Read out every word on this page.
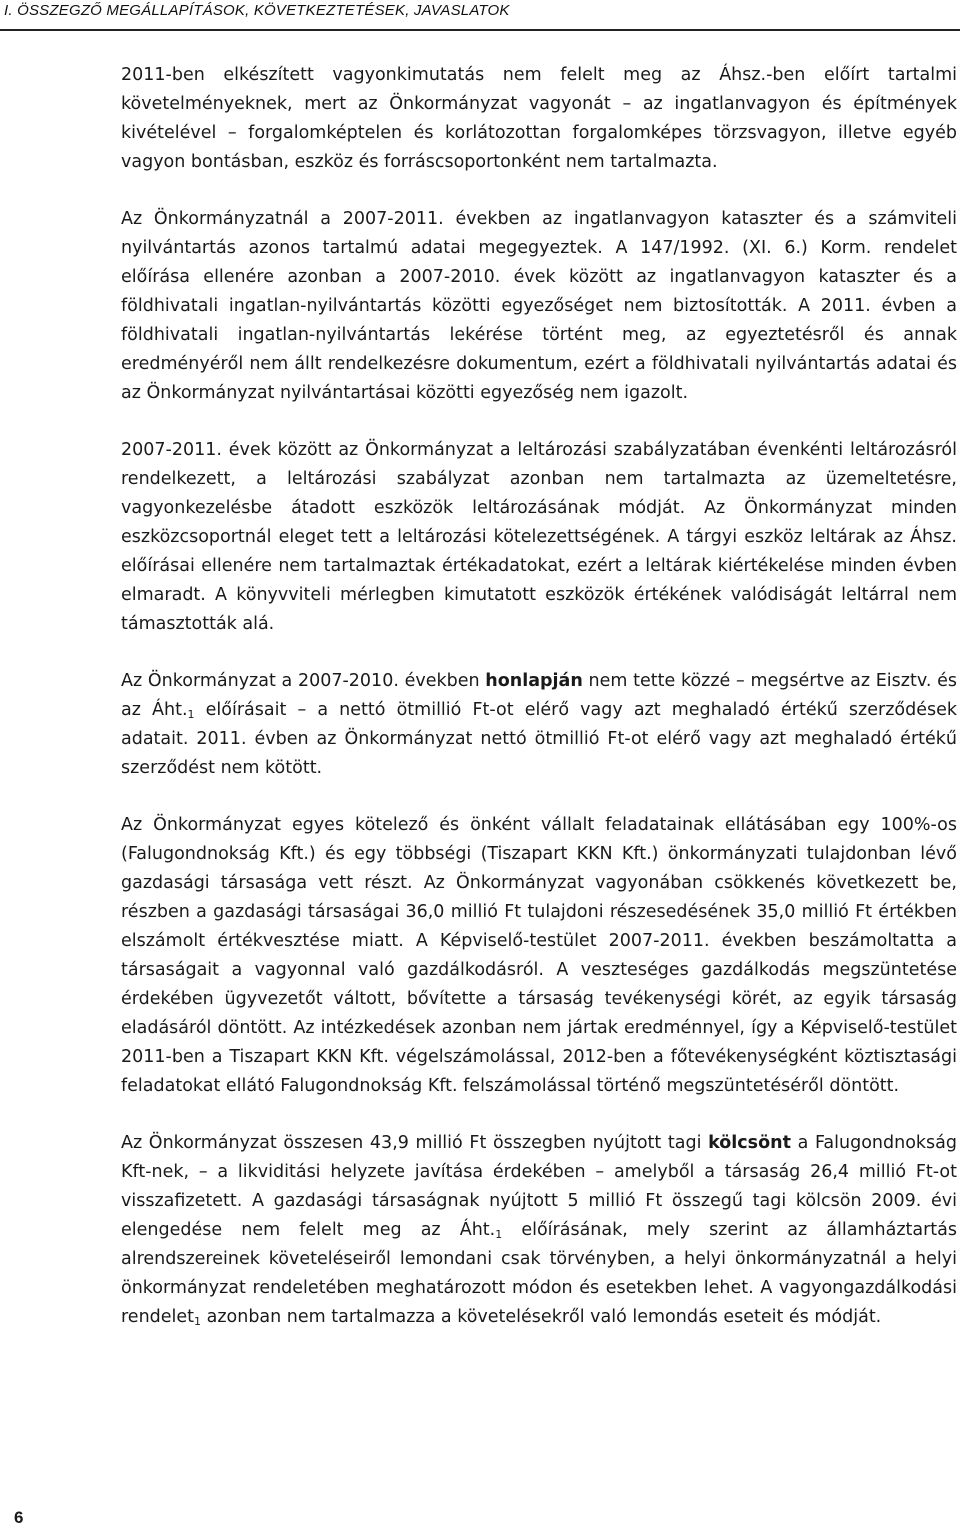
I. ÖSSZEGZŐ MEGÁLLAPÍTÁSOK, KÖVETKEZTETÉSEK, JAVASLATOK

2011-ben elkészített vagyonkimutatás nem felelt meg az Áhsz.-ben előírt tartalmi követelményeknek, mert az Önkormányzat vagyonát – az ingatlanvagyon és építmények kivételével – forgalomképtelen és korlátozottan forgalomképes törzsvagyon, illetve egyéb vagyon bontásban, eszköz és forráscsoportonként nem tartalmazta.

Az Önkormányzatnál a 2007-2011. években az ingatlanvagyon kataszter és a számviteli nyilvántartás azonos tartalmú adatai megegyeztek. A 147/1992. (XI. 6.) Korm. rendelet előírása ellenére azonban a 2007-2010. évek között az ingatlanvagyon kataszter és a földhivatali ingatlan-nyilvántartás közötti egyezőséget nem biztosították. A 2011. évben a földhivatali ingatlan-nyilvántartás lekérése történt meg, az egyeztetésről és annak eredményéről nem állt rendelkezésre dokumentum, ezért a földhivatali nyilvántartás adatai és az Önkormányzat nyilvántartásai közötti egyezőség nem igazolt.

2007-2011. évek között az Önkormányzat a leltározási szabályzatában évenkénti leltározásról rendelkezett, a leltározási szabályzat azonban nem tartalmazta az üzemeltetésre, vagyonkezelésbe átadott eszközök leltározásának módját. Az Önkormányzat minden eszközcsoportnál eleget tett a leltározási kötelezettségének. A tárgyi eszköz leltárak az Áhsz. előírásai ellenére nem tartalmaztak értékadatokat, ezért a leltárak kiértékelése minden évben elmaradt. A könyvviteli mérlegben kimutatott eszközök értékének valódiságát leltárral nem támasztották alá.

Az Önkormányzat a 2007-2010. években honlapján nem tette közzé – megsértve az Eisztv. és az $Áht._1$ előírásait – a nettó ötmillió Ft-ot elérő vagy azt meghaladó értékű szerződések adatait. 2011. évben az Önkormányzat nettó ötmillió Ft-ot elérő vagy azt meghaladó értékű szerződést nem kötött.

Az Önkormányzat egyes kötelező és önként vállalt feladatainak ellátásában egy 100%-os (Falugondnokság Kft.) és egy többségi (Tiszapart KKN Kft.) önkormányzati tulajdonban lévő gazdasági társasága vett részt. Az Önkormányzat vagyonában csökkenés következett be, részben a gazdasági társaságai 36,0 millió Ft tulajdoni részesedésének 35,0 millió Ft értékben elszámolt értékvesztése miatt. A Képviselő-testület 2007-2011. években beszámoltatta a társaságait a vagyonnal való gazdálkodásról. A veszteséges gazdálkodás megszüntetése érdekében ügyvezetőt váltott, bővítette a társaság tevékenységi körét, az egyik társaság eladásáról döntött. Az intézkedések azonban nem jártak eredménnyel, így a Képviselő-testület 2011-ben a Tiszapart KKN Kft. végelszámolással, 2012-ben a főtevékenységként köztisztasági feladatokat ellátó Falugondnokság Kft. felszámolással történő megszüntetéséről döntött.

Az Önkormányzat összesen 43,9 millió Ft összegben nyújtott tagi kölcsönt a Falugondnokság Kft-nek, – a likviditási helyzete javítása érdekében – amelyből a társaság 26,4 millió Ft-ot visszafizetett. A gazdasági társaságnak nyújtott 5 millió Ft összegű tagi kölcsön 2009. évi elengedése nem felelt meg az $Áht._1$ előírásának, mely szerint az államháztartás alrendszereinek követeléseiről lemondani csak törvényben, a helyi önkormányzatnál a helyi önkormányzat rendeletében meghatározott módon és esetekben lehet. A vagyongazdálkodási rendelet$_1$ azonban nem tartalmazza a követelésekről való lemondás eseteit és módját.

6
